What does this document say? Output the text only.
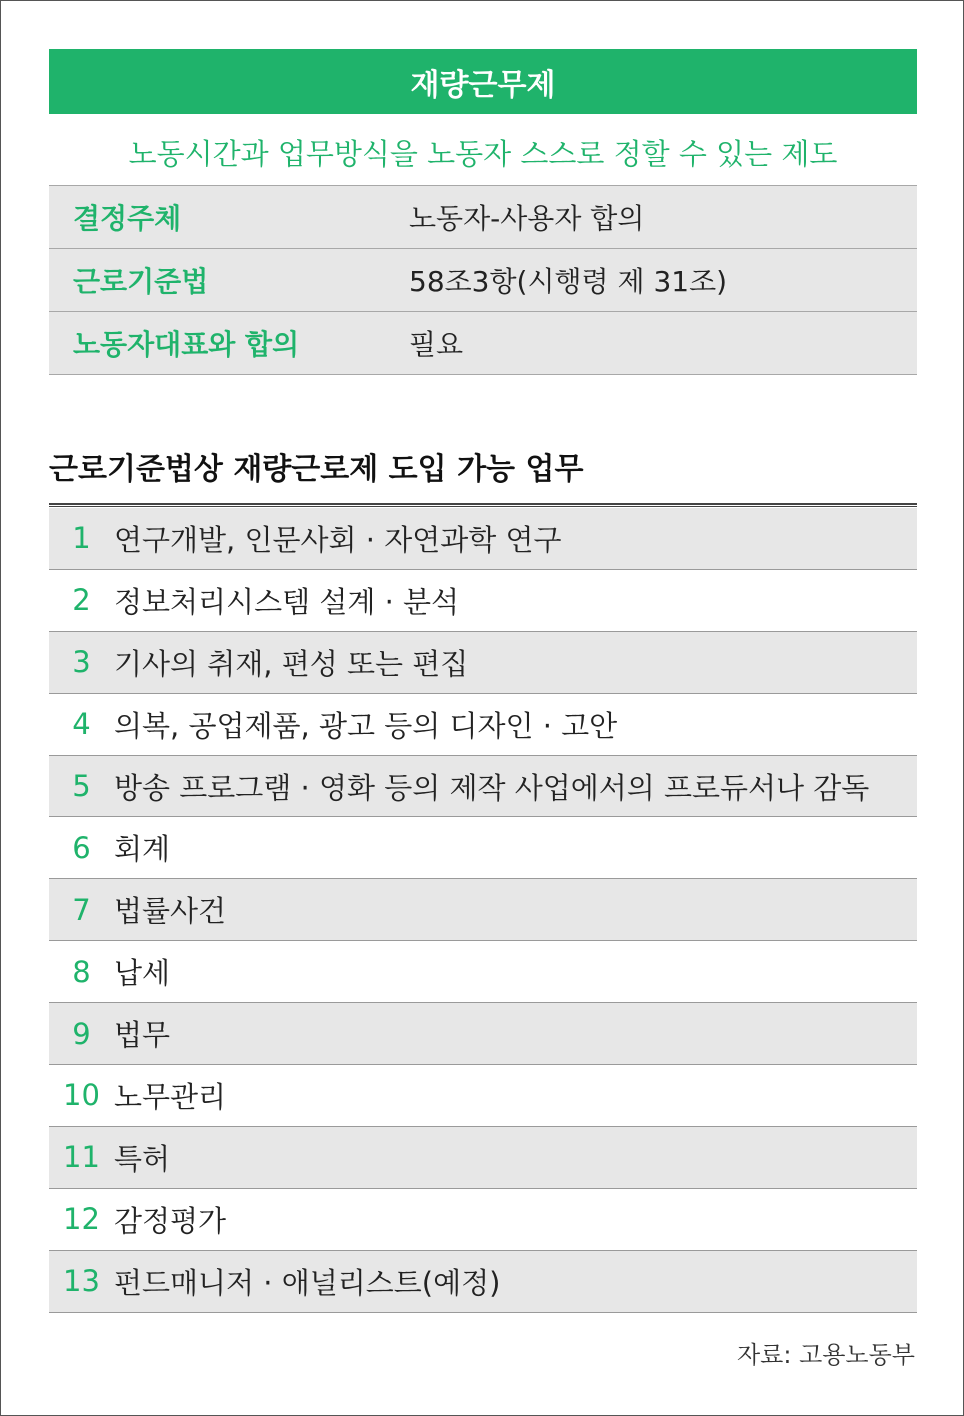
재량근무제
노동시간과 업무방식을 노동자 스스로 정할 수 있는 제도
결정주체	노동자-사용자 합의
근로기준법	58조3항(시행령 제 31조)
노동자대표와 합의	필요
근로기준법상 재량근로제 도입 가능 업무
1 연구개발, 인문사회 · 자연과학 연구
2 정보처리시스템 설계 · 분석
3 기사의 취재, 편성 또는 편집
4 의복, 공업제품, 광고 등의 디자인 · 고안
5 방송 프로그램 · 영화 등의 제작 사업에서의 프로듀서나 감독
6 회계
7 법률사건
8 납세
9 법무
10 노무관리
11 특허
12 감정평가
13 펀드매니저 · 애널리스트(예정)
자료: 고용노동부
